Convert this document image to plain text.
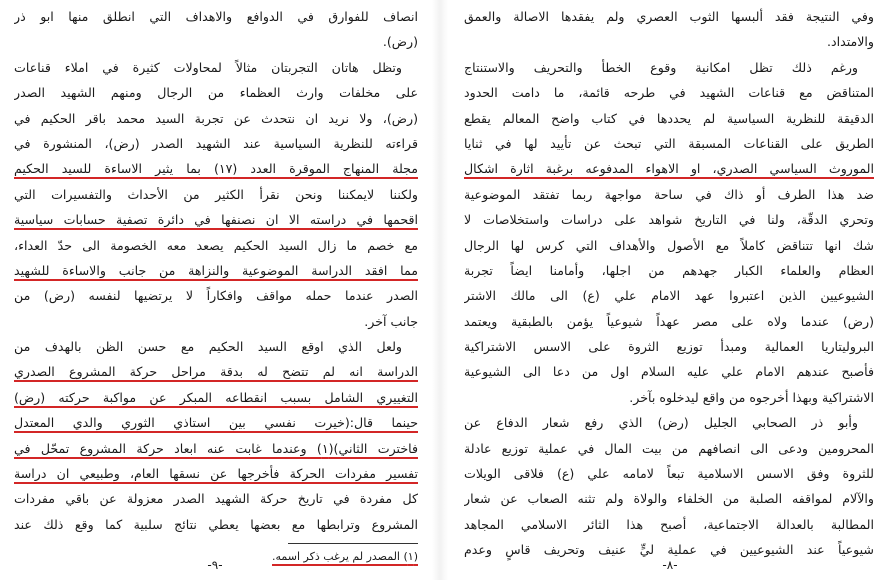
انصاف للفوارق في الدوافع والاهداف التي انطلق منها ابو ذر
(رض).
وتظل هاتان التجربتان مثالاً لمحاولات كثيرة في املاء قناعات
على مخلفات وارث العظماء من الرجال ومنهم الشهيد الصدر
(رض)، ولا نريد ان نتحدث عن تجربة السيد محمد باقر الحكيم في
قراءته للنظرية السياسية عند الشهيد الصدر (رض)، المنشورة في
مجلة المنهاج الموقرة العدد (١٧) بما يثير الاساءة للسيد الحكيم
ولكننا لايمكننا ونحن نقرأ الكثير من الأحداث والتفسيرات التي
اقحمها في دراسته الا ان نصنفها في دائرة تصفية حسابات سياسية
مع خصم ما زال السيد الحكيم يصعد معه الخصومة الى حدّ العداء،
مما افقد الدراسة الموضوعية والنزاهة من جانب والاساءة للشهيد
الصدر عندما حمله مواقف وافكاراً لا يرتضيها لنفسه (رض) من
جانب آخر.
ولعل الذي اوقع السيد الحكيم مع حسن الظن بالهدف من
الدراسة انه لم تتضح له بدقة مراحل حركة المشروع الصدري
التغييري الشامل بسبب انقطاعه المبكر عن مواكبة حركته (رض)
حينما قال:(خيرت نفسي بين استاذي الثوري والدي المعتدل
فاخترت الثاني)(١) وعندما غابت عنه ابعاد حركة المشروع تمحّل في
تفسير مفردات الحركة فأخرجها عن نسقها العام، وطبيعي ان دراسة
كل مفردة في تاريخ حركة الشهيد الصدر معزولة عن باقي مفردات
المشروع وترابطها مع بعضها يعطي نتائج سلبية كما وقع ذلك عند
(١) المصدر لم يرغب ذكر اسمه.
-٩-
وفي النتيجة فقد ألبسها الثوب العصري ولم يفقدها الاصالة والعمق
والامتداد.
ورغم ذلك تظل امكانية وقوع الخطأ والتحريف والاستنتاج
المتناقض مع قناعات الشهيد في طرحه قائمة، ما دامت الحدود
الدقيقة للنظرية السياسية لم يحددها في كتاب واضح المعالم يقطع
الطريق على القناعات المسبقة التي تبحث عن تأييد لها في ثنايا
الموروث السياسي الصدري، او الاهواء المدفوعه برغبة اثارة اشكال
ضد هذا الطرف أو ذاك في ساحة مواجهة ربما تفتقد الموضوعية
وتحري الدقّة، ولنا في التاريخ شواهد على دراسات واستخلاصات لا
شك انها تتناقض كاملاً مع الأصول والأهداف التي كرس لها الرجال
العظام والعلماء الكبار جهدهم من اجلها، وأمامنا ايضاً تجربة
الشيوعيين الذين اعتبروا عهد الامام علي (ع) الى مالك الاشتر
(رض) عندما ولاه على مصر عهداً شيوعياً يؤمن بالطبقية ويعتمد
البروليتاريا العمالية ومبدأ توزيع الثروة على الاسس الاشتراكية
فأصبح عندهم الامام علي عليه السلام اول من دعا الى الشيوعية
الاشتراكية وبهذا أخرجوه من واقع ليدخلوه بآخر.
وأبو ذر الصحابي الجليل (رض) الذي رفع شعار الدفاع عن
المحرومين ودعى الى انصافهم من بيت المال في عملية توزيع عادلة
للثروة وفق الاسس الاسلامية تبعاً لامامه علي (ع) فلاقى الويلات
والآلام لمواقفه الصلبة من الخلفاء والولاة ولم تثنه الصعاب عن شعار
المطالبة بالعدالة الاجتماعية، أصبح هذا الثائر الاسلامي المجاهد
شيوعياً عند الشيوعيين في عملية ليٍّ عنيف وتحريف قاسٍ وعدم
-٨-
